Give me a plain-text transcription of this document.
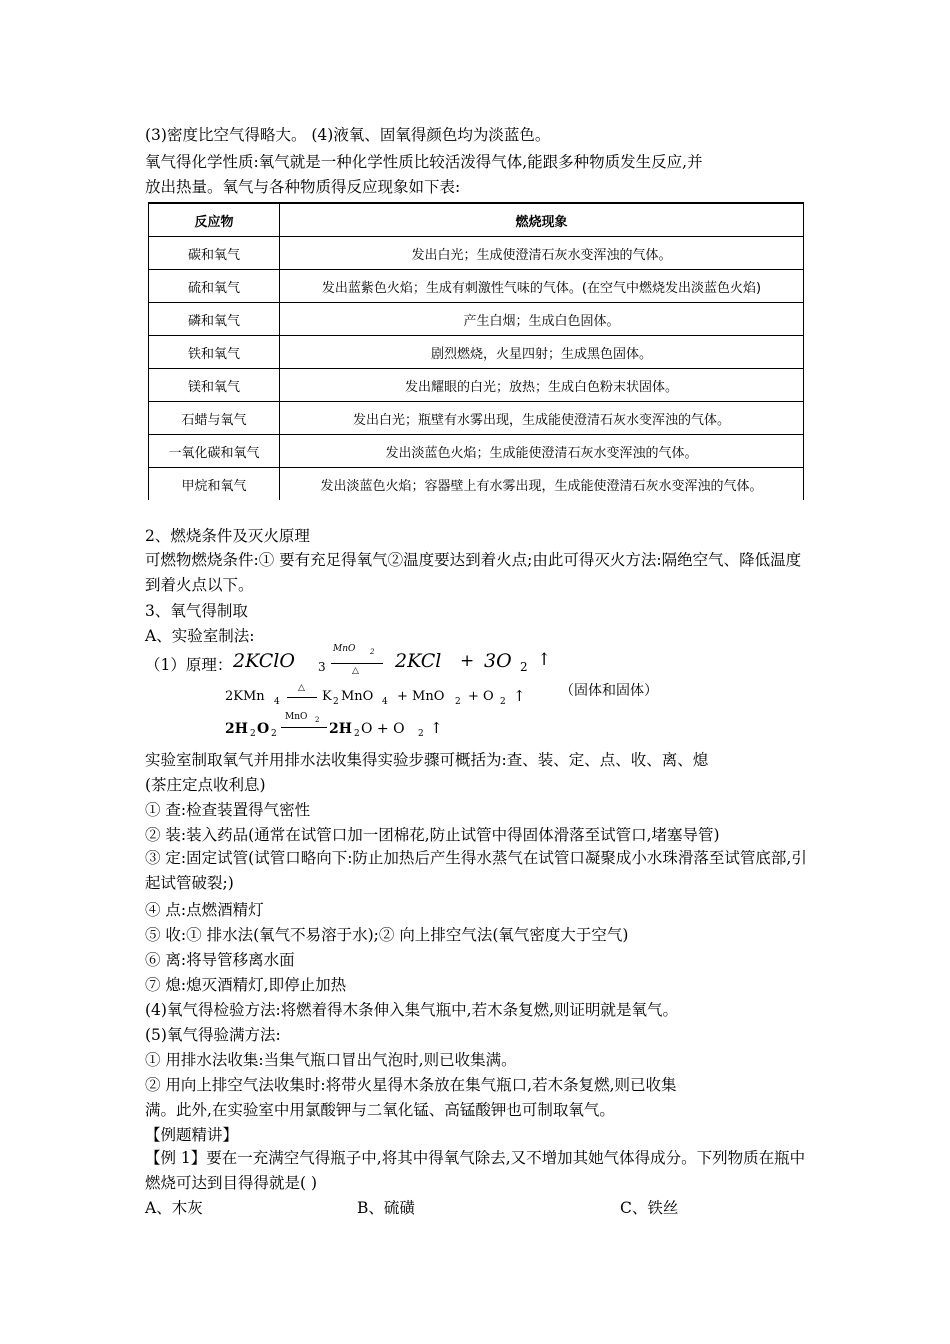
(3)密度比空气得略大。 (4)液氧、固氧得颜色均为淡蓝色。
氧气得化学性质:氧气就是一种化学性质比较活泼得气体,能跟多种物质发生反应,并
放出热量。氧气与各种物质得反应现象如下表:
反应物	燃烧现象
碳和氧气	发出白光；生成使澄清石灰水变浑浊的气体。
硫和氧气	发出蓝紫色火焰；生成有刺激性气味的气体。(在空气中燃烧发出淡蓝色火焰)
磷和氧气	产生白烟；生成白色固体。
铁和氧气	剧烈燃烧，火星四射；生成黑色固体。
镁和氧气	发出耀眼的白光；放热；生成白色粉末状固体。
石蜡与氧气	发出白光；瓶壁有水雾出现，生成能使澄清石灰水变浑浊的气体。
一氧化碳和氧气	发出淡蓝色火焰；生成能使澄清石灰水变浑浊的气体。
甲烷和氧气	发出淡蓝色火焰；容器壁上有水雾出现，生成能使澄清石灰水变浑浊的气体。
2、燃烧条件及灭火原理
可燃物燃烧条件:① 要有充足得氧气②温度要达到着火点;由此可得灭火方法:隔绝空气、降低温度到着火点以下。
3、氧气得制取
A、实验室制法:
（1）原理： 2KClO 3
MnO 2
△ 2KCl + 3O 2 ↑
2KMn 4
△
K 2 MnO 4 + MnO 2 + O 2 ↑ （固体和固体）
2H 2 O 2
MnO 2
2H 2 O + O 2 ↑
实验室制取氧气并用排水法收集得实验步骤可概括为:查、装、定、点、收、离、熄
(茶庄定点收利息)
① 查:检查装置得气密性
② 装:装入药品(通常在试管口加一团棉花,防止试管中得固体滑落至试管口,堵塞导管)
③ 定:固定试管(试管口略向下:防止加热后产生得水蒸气在试管口凝聚成小水珠滑落至试管底部,引起试管破裂;)
④ 点:点燃酒精灯
⑤ 收:① 排水法(氧气不易溶于水);② 向上排空气法(氧气密度大于空气)
⑥ 离:将导管移离水面
⑦ 熄:熄灭酒精灯,即停止加热
(4)氧气得检验方法:将燃着得木条伸入集气瓶中,若木条复燃,则证明就是氧气。
(5)氧气得验满方法:
① 用排水法收集:当集气瓶口冒出气泡时,则已收集满。
② 用向上排空气法收集时:将带火星得木条放在集气瓶口,若木条复燃,则已收集
满。此外,在实验室中用氯酸钾与二氧化锰、高锰酸钾也可制取氧气。
【例题精讲】
【例 1】要在一充满空气得瓶子中,将其中得氧气除去,又不增加其她气体得成分。下列物质在瓶中燃烧可达到目得得就是( )
A、木灰	B、硫磺	C、铁丝
